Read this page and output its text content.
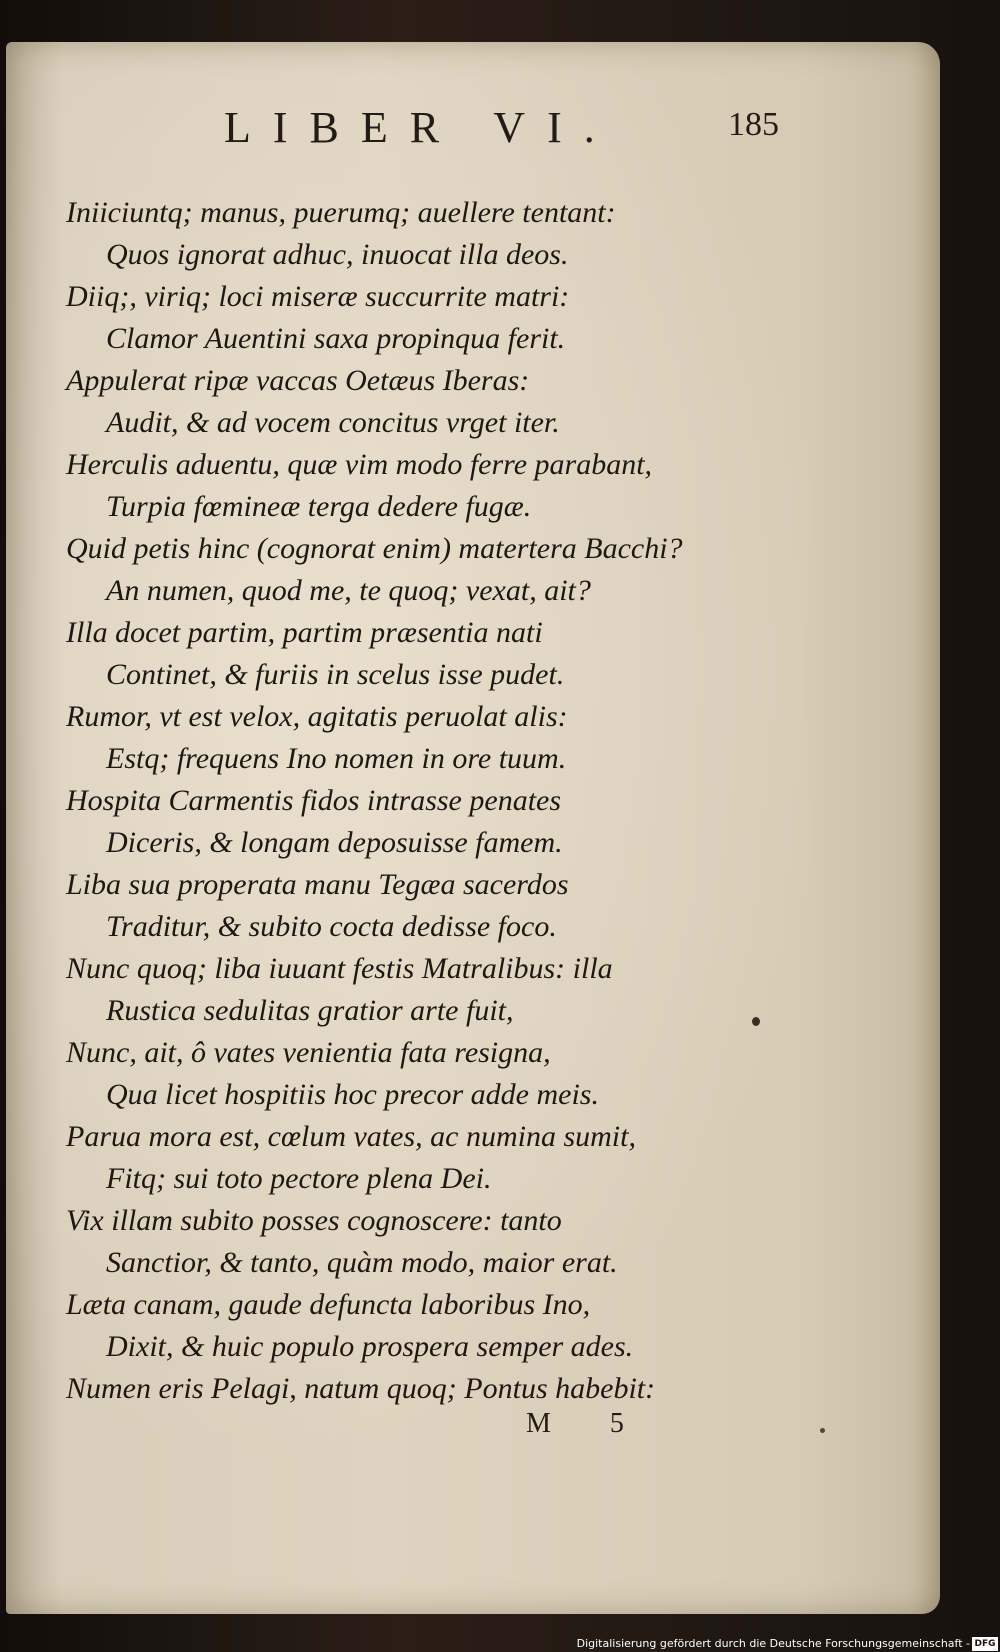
LIBER VI.	185
Iniiciuntq; manus, puerumq; auellere tentant:
Quos ignorat adhuc, inuocat illa deos.
Diiq;, viriq; loci miseræ succurrite matri:
Clamor Auentini saxa propinqua ferit.
Appulerat ripæ vaccas Oetæus Iberas:
Audit, & ad vocem concitus vrget iter.
Herculis aduentu, quæ vim modo ferre parabant,
Turpia fœmineæ terga dedere fugæ.
Quid petis hinc (cognorat enim) matertera Bacchi?
An numen, quod me, te quoq; vexat, ait?
Illa docet partim, partim præsentia nati
Continet, & furiis in scelus isse pudet.
Rumor, vt est velox, agitatis peruolat alis:
Estq; frequens Ino nomen in ore tuum.
Hospita Carmentis fidos intrasse penates
Diceris, & longam deposuisse famem.
Liba sua properata manu Tegæa sacerdos
Traditur, & subito cocta dedisse foco.
Nunc quoq; liba iuuant festis Matralibus: illa
Rustica sedulitas gratior arte fuit,
Nunc, ait, ô vates venientia fata resigna,
Qua licet hospitiis hoc precor adde meis.
Parua mora est, cœlum vates, ac numina sumit,
Fitq; sui toto pectore plena Dei.
Vix illam subito posses cognoscere: tanto
Sanctior, & tanto, quàm modo, maior erat.
Læta canam, gaude defuncta laboribus Ino,
Dixit, & huic populo prospera semper ades.
Numen eris Pelagi, natum quoq; Pontus habebit:
M 5
Digitalisierung gefördert durch die Deutsche Forschungsgemeinschaft - DFG
